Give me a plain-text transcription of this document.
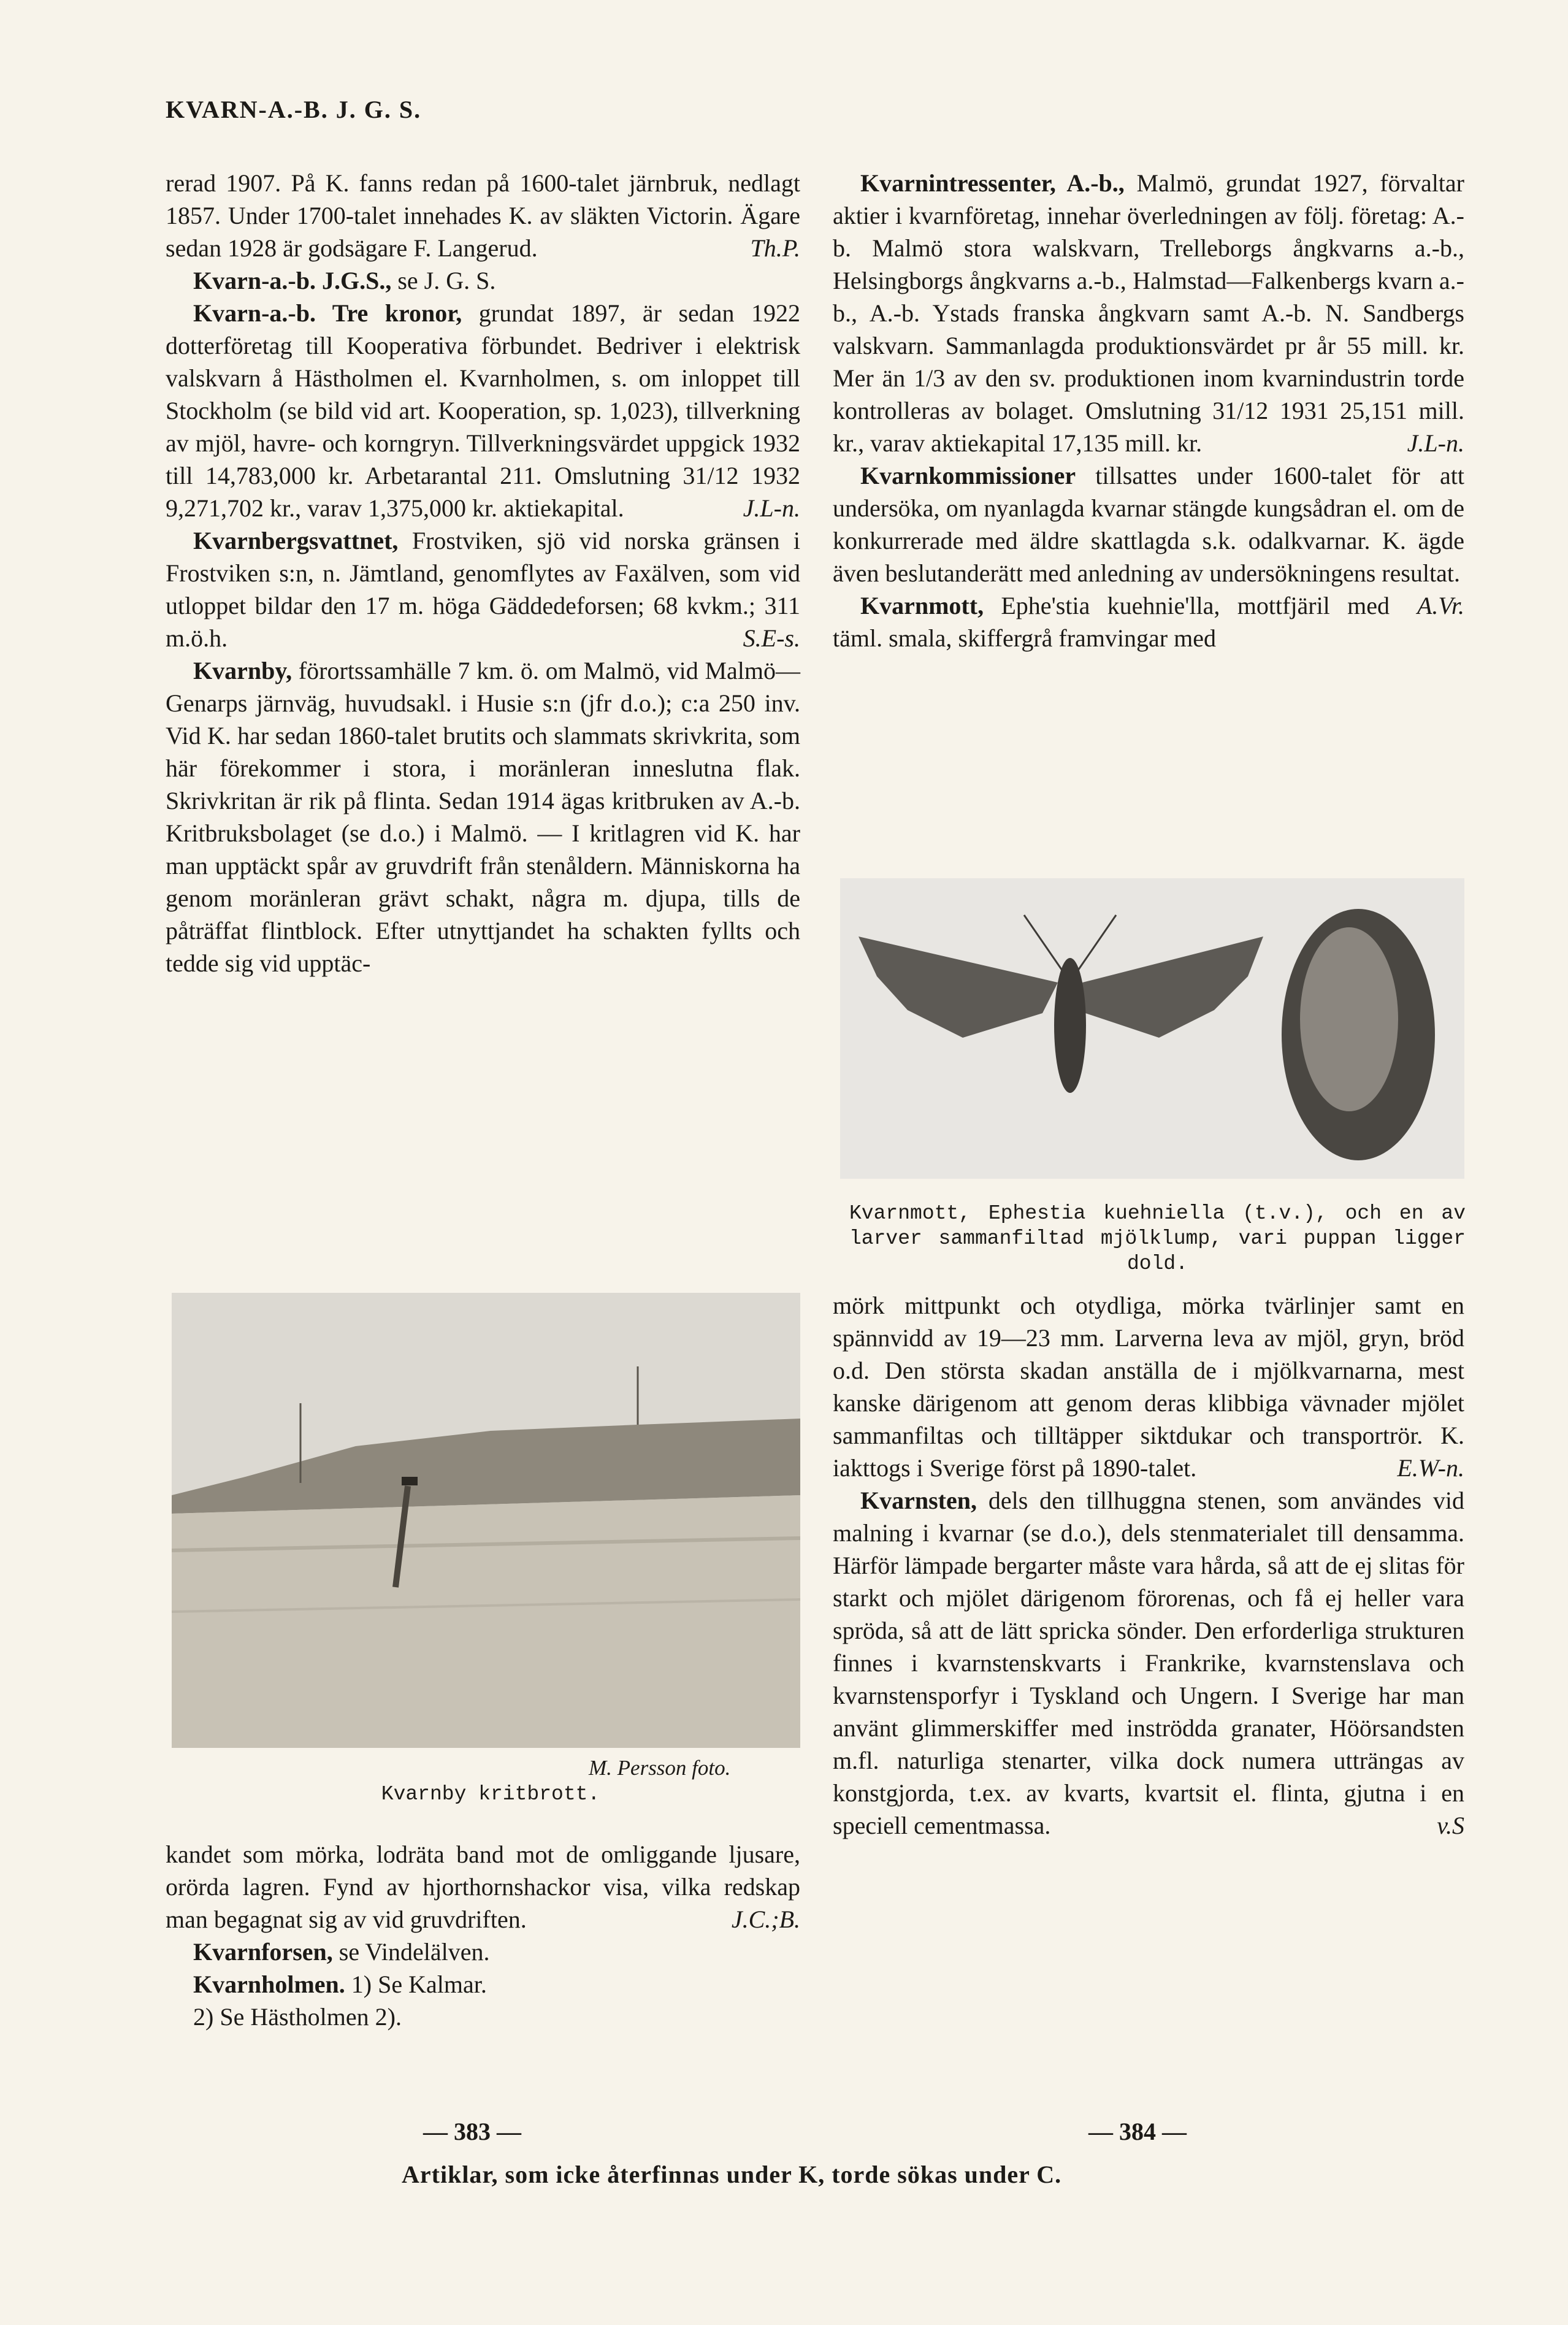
KVARN-A.-B. J. G. S.

rerad 1907. På K. fanns redan på 1600-talet järnbruk, nedlagt 1857. Under 1700-talet innehades K. av släkten Victorin. Ägare sedan 1928 är godsägare F. Langerud.	Th.P.

Kvarn-a.-b. J.G.S., se J. G. S.

Kvarn-a.-b. Tre kronor, grundat 1897, är sedan 1922 dotterföretag till Kooperativa förbundet. Bedriver i elektrisk valskvarn å Hästholmen el. Kvarnholmen, s. om inloppet till Stockholm (se bild vid art. Kooperation, sp. 1,023), tillverkning av mjöl, havre- och korngryn. Tillverkningsvärdet uppgick 1932 till 14,783,000 kr. Arbetarantal 211. Omslutning 31/12 1932 9,271,702 kr., varav 1,375,000 kr. aktiekapital.	J.L-n.

Kvarnbergsvattnet, Frostviken, sjö vid norska gränsen i Frostviken s:n, n. Jämtland, genomflytes av Faxälven, som vid utloppet bildar den 17 m. höga Gäddedeforsen; 68 kvkm.; 311 m.ö.h.	S.E-s.

Kvarnby, förortssamhälle 7 km. ö. om Malmö, vid Malmö—Genarps järnväg, huvudsakl. i Husie s:n (jfr d.o.); c:a 250 inv. Vid K. har sedan 1860-talet brutits och slammats skrivkrita, som här förekommer i stora, i moränleran inneslutna flak. Skrivkritan är rik på flinta. Sedan 1914 ägas kritbruken av A.-b. Kritbruksbolaget (se d.o.) i Malmö. — I kritlagren vid K. har man upptäckt spår av gruvdrift från stenåldern. Människorna ha genom moränleran grävt schakt, några m. djupa, tills de påträffat flintblock. Efter utnyttjandet ha schakten fyllts och tedde sig vid upptäc-

M. Persson foto.
Kvarnby kritbrott.

kandet som mörka, lodräta band mot de omliggande ljusare, orörda lagren. Fynd av hjorthornshackor visa, vilka redskap man begagnat sig av vid gruvdriften.	J.C.;B.

Kvarnforsen, se Vindelälven.

Kvarnholmen. 1) Se Kalmar.

2) Se Hästholmen 2).

Kvarnintressenter, A.-b., Malmö, grundat 1927, förvaltar aktier i kvarnföretag, innehar överledningen av följ. företag: A.-b. Malmö stora walskvarn, Trelleborgs ångkvarns a.-b., Helsingborgs ångkvarns a.-b., Halmstad—Falkenbergs kvarn a.-b., A.-b. Ystads franska ångkvarn samt A.-b. N. Sandbergs valskvarn. Sammanlagda produktionsvärdet pr år 55 mill. kr. Mer än 1/3 av den sv. produktionen inom kvarnindustrin torde kontrolleras av bolaget. Omslutning 31/12 1931 25,151 mill. kr., varav aktiekapital 17,135 mill. kr.	J.L-n.

Kvarnkommissioner tillsattes under 1600-talet för att undersöka, om nyanlagda kvarnar stängde kungsådran el. om de konkurrerade med äldre skattlagda s.k. odalkvarnar. K. ägde även beslutanderätt med anledning av undersökningens resultat.
A.Vr.

Kvarnmott, Ephe'stia kuehnie'lla, mottfjäril med täml. smala, skiffergrå framvingar med

Kvarnmott, Ephestia kuehniella (t.v.), och en av larver sammanfiltad mjölklump, vari puppan ligger dold.

mörk mittpunkt och otydliga, mörka tvärlinjer samt en spännvidd av 19—23 mm. Larverna leva av mjöl, gryn, bröd o.d. Den största skadan anställa de i mjölkvarnarna, mest kanske därigenom att genom deras klibbiga vävnader mjölet sammanfiltas och tilltäpper siktdukar och transportrör. K. iakttogs i Sverige först på 1890-talet.	E.W-n.

Kvarnsten, dels den tillhuggna stenen, som användes vid malning i kvarnar (se d.o.), dels stenmaterialet till densamma. Härför lämpade bergarter måste vara hårda, så att de ej slitas för starkt och mjölet därigenom förorenas, och få ej heller vara spröda, så att de lätt spricka sönder. Den erforderliga strukturen finnes i kvarnstenskvarts i Frankrike, kvarnstenslava och kvarnstensporfyr i Tyskland och Ungern. I Sverige har man använt glimmerskiffer med inströdda granater, Höörsandsten m.fl. naturliga stenarter, vilka dock numera utträngas av konstgjorda, t.ex. av kvarts, kvartsit el. flinta, gjutna i en speciell cementmassa.	v.S

— 383 —	— 384 —
Artiklar, som icke återfinnas under K, torde sökas under C.
